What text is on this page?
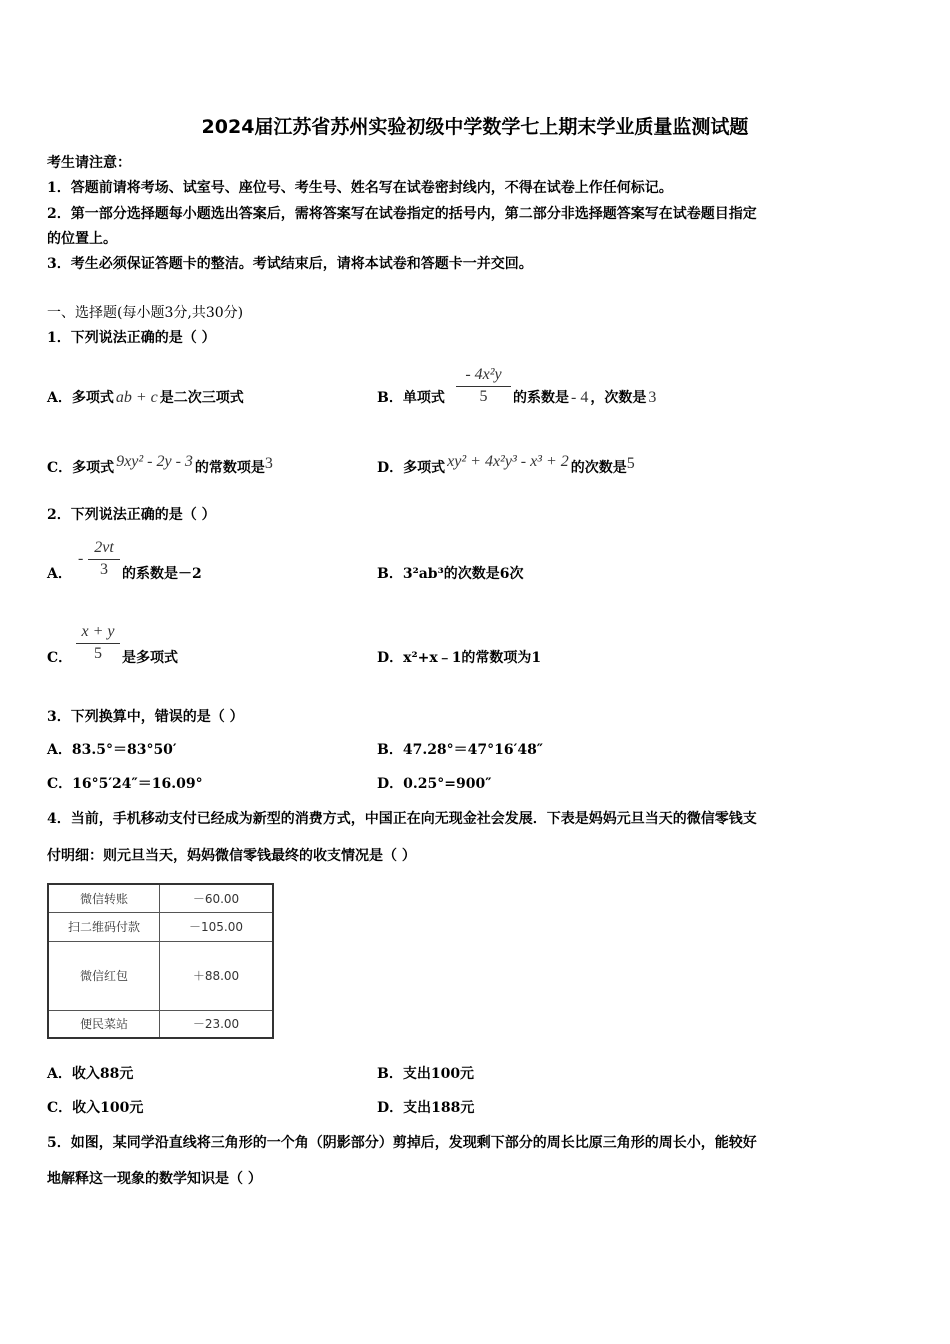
2024届江苏省苏州实验初级中学数学七上期末学业质量监测试题
考生请注意：
1．答题前请将考场、试室号、座位号、考生号、姓名写在试卷密封线内，不得在试卷上作任何标记。
2．第一部分选择题每小题选出答案后，需将答案写在试卷指定的括号内，第二部分非选择题答案写在试卷题目指定
的位置上。
3．考生必须保证答题卡的整洁。考试结束后，请将本试卷和答题卡一并交回。
一、选择题(每小题3分,共30分)
1．下列说法正确的是（ ）
A．多项式 ab + c 是二次三项式	B．单项式
- 4x²y
5	的系数是 - 4 ，次数是 3
C．多项式 9xy² - 2y - 3 的常数项是3	D．多项式 xy² + 4x²y³ - x³ + 2 的次数是5
2．下列说法正确的是（ ）
A．
-
2vt
3	的系数是－2	B．3²ab³的次数是6次
C．
x + y
5	是多项式	D．x²+x﹣1的常数项为1
3．下列换算中，错误的是（ ）
A．83.5°＝83°50′	B．47.28°＝47°16′48″
C．16°5′24″＝16.09°	D．0.25°=900″
4．当前，手机移动支付已经成为新型的消费方式，中国正在向无现金社会发展．下表是妈妈元旦当天的微信零钱支
付明细：则元旦当天，妈妈微信零钱最终的收支情况是（ ）
微信转账	－60.00
扫二维码付款	－105.00
微信红包	＋88.00
便民菜站	－23.00
A．收入88元	B．支出100元
C．收入100元	D．支出188元
5．如图，某同学沿直线将三角形的一个角（阴影部分）剪掉后，发现剩下部分的周长比原三角形的周长小，能较好
地解释这一现象的数学知识是（ ）
